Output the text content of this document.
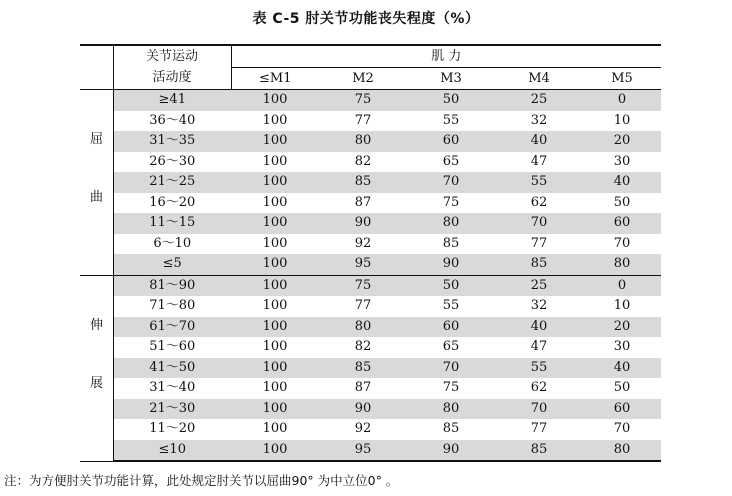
表 C-5 肘关节功能丧失程度（%）
	关节运动	肌 力				
	活动度	≤M1	M2	M3	M4	M5

屈
曲	≥41	100	75	50	25	0
	36～40	100	77	55	32	10
	31～35	100	80	60	40	20
	26～30	100	82	65	47	30
	21～25	100	85	70	55	40
	16～20	100	87	75	62	50
	11～15	100	90	80	70	60
	6～10	100	92	85	77	70
	≤5	100	95	90	85	80

伸
展	81～90	100	75	50	25	0
	71～80	100	77	55	32	10
	61～70	100	80	60	40	20
	51～60	100	82	65	47	30
	41～50	100	85	70	55	40
	31～40	100	87	75	62	50
	21～30	100	90	80	70	60
	11～20	100	92	85	77	70
	≤10	100	95	90	85	80
注：为方便肘关节功能计算，此处规定肘关节以屈曲90° 为中立位0° 。
